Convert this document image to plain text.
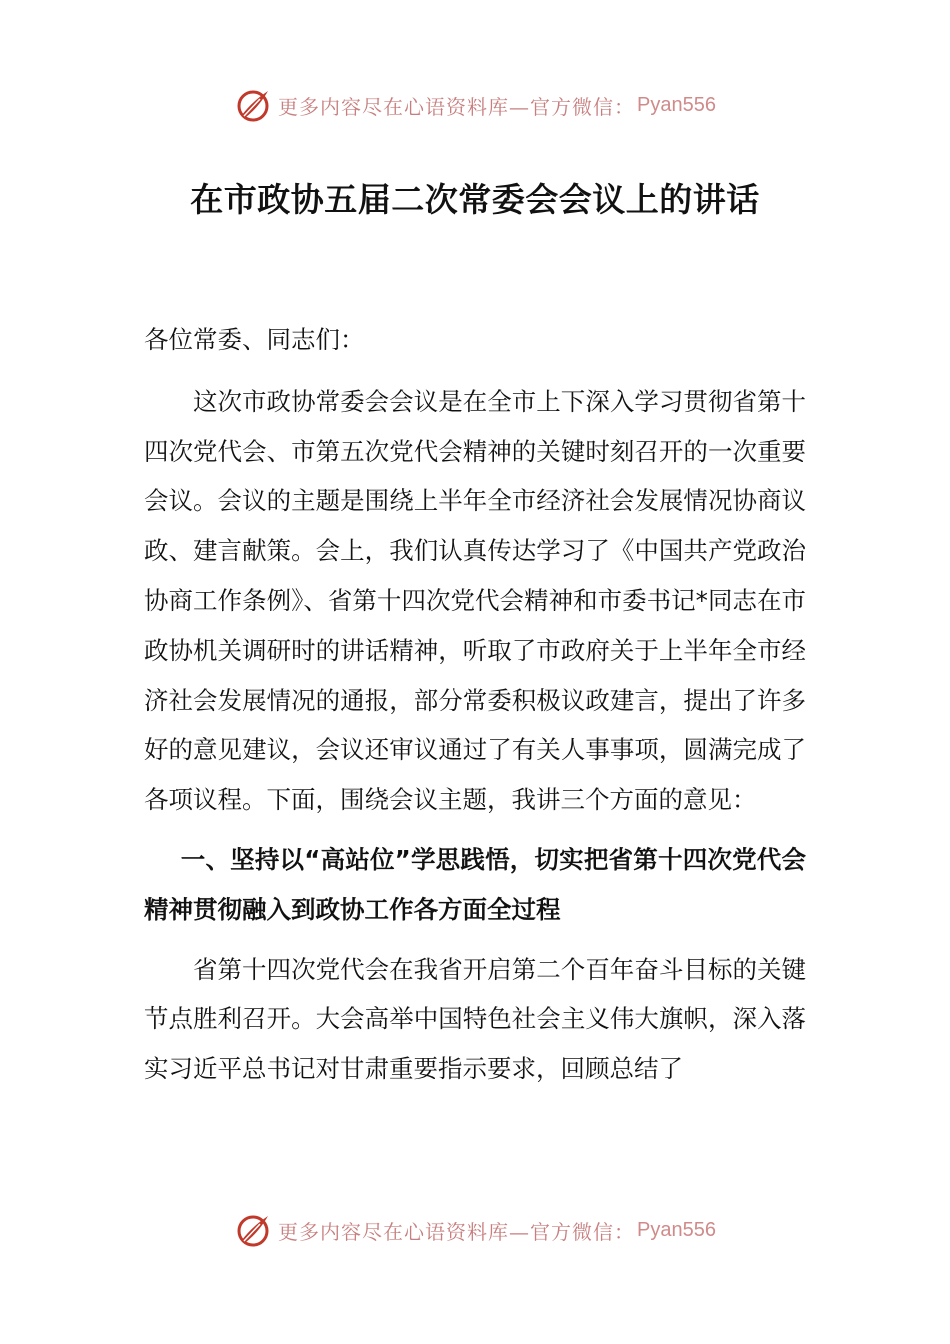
更多内容尽在心语资料库—官方微信： Pyan556
在市政协五届二次常委会会议上的讲话

各位常委、同志们：

这次市政协常委会会议是在全市上下深入学习贯彻省第十四次党代会、市第五次党代会精神的关键时刻召开的一次重要会议。会议的主题是围绕上半年全市经济社会发展情况协商议政、建言献策。会上，我们认真传达学习了《中国共产党政治协商工作条例》、省第十四次党代会精神和市委书记*同志在市政协机关调研时的讲话精神，听取了市政府关于上半年全市经济社会发展情况的通报，部分常委积极议政建言，提出了许多好的意见建议，会议还审议通过了有关人事事项，圆满完成了各项议程。下面，围绕会议主题，我讲三个方面的意见：

一、坚持以“高站位”学思践悟，切实把省第十四次党代会精神贯彻融入到政协工作各方面全过程

省第十四次党代会在我省开启第二个百年奋斗目标的关键节点胜利召开。大会高举中国特色社会主义伟大旗帜，深入落实习近平总书记对甘肃重要指示要求，回顾总结了

更多内容尽在心语资料库—官方微信： Pyan556
